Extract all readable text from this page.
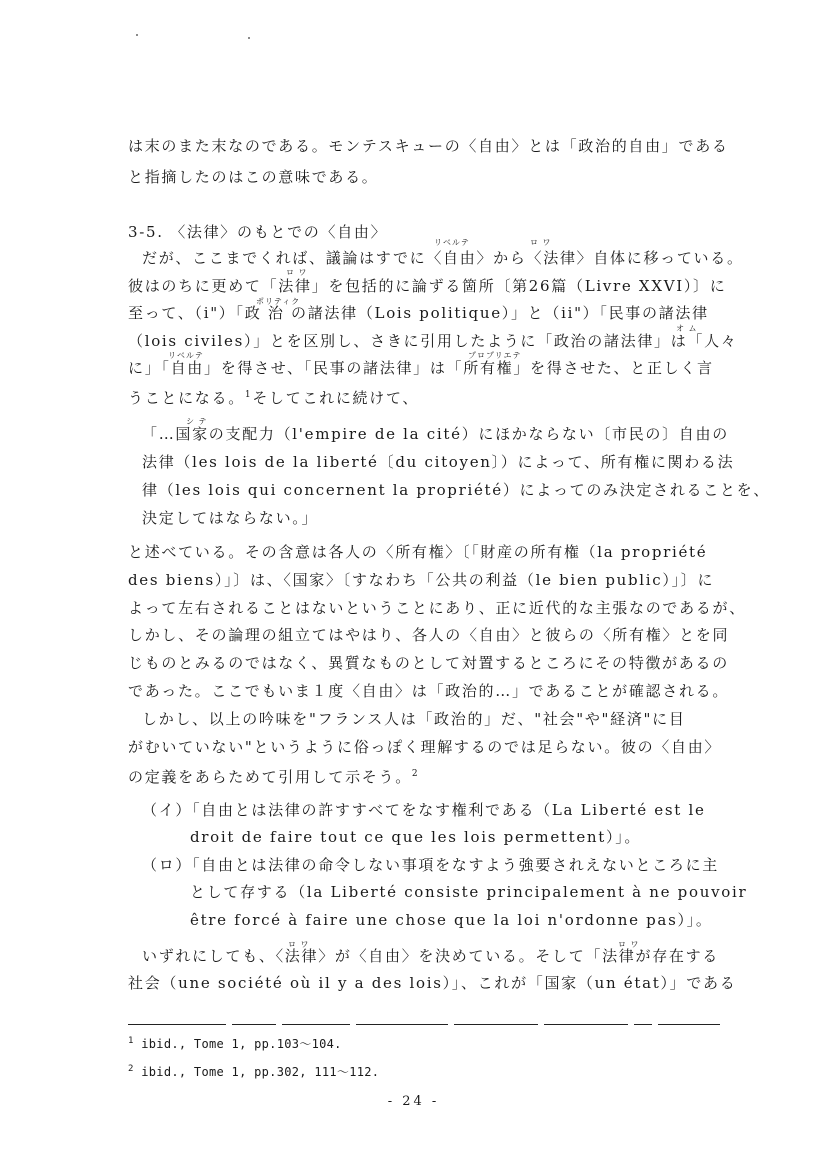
は末のまた末なのである。モンテスキューの〈自由〉とは「政治的自由」である
と指摘したのはこの意味である。
3-5. 〈法律〉のもとでの〈自由〉
リベルテ	ロ ワ
だが、ここまでくれば、議論はすでに〈自由〉から〈法律〉自体に移っている。
ロ ワ
彼はのちに更めて「法律」を包括的に論ずる箇所〔第26篇（Livre XXVI）〕に
ポリティク
至って、（i"）「政 治 の諸法律（Lois politique）」と（ii"）「民事の諸法律
オ ム
（lois civiles）」とを区別し、さきに引用したように「政治の諸法律」は「人々
リベルテ	プロプリエテ
に」「自由」を得させ、「民事の諸法律」は「所有権」を得させた、と正しく言
うことになる。$^1$そしてこれに続けて、
シ テ
「…国家の支配力（l'empire de la cité）にほかならない〔市民の〕自由の
法律（les lois de la liberté〔du citoyen〕）によって、所有権に関わる法
律（les lois qui concernent la propriété）によってのみ決定されることを、
決定してはならない。」
と述べている。その含意は各人の〈所有権〉〔「財産の所有権（la propriété
des biens）」〕は、〈国家〉〔すなわち「公共の利益（le bien public）」〕に
よって左右されることはないということにあり、正に近代的な主張なのであるが、
しかし、その論理の組立てはやはり、各人の〈自由〉と彼らの〈所有権〉とを同
じものとみるのではなく、異質なものとして対置するところにその特徴があるの
であった。ここでもいま１度〈自由〉は「政治的…」であることが確認される。
しかし、以上の吟味を"フランス人は「政治的」だ、"社会"や"経済"に目
がむいていない"というように俗っぽく理解するのでは足らない。彼の〈自由〉
の定義をあらためて引用して示そう。$^2$
（イ）「自由とは法律の許すすべてをなす権利である（La Liberté est le
droit de faire tout ce que les lois permettent）」。
（ロ）「自由とは法律の命令しない事項をなすよう強要されえないところに主
として存する（la Liberté consiste principalement à ne pouvoir
être forcé à faire une chose que la loi n'ordonne pas）」。
ロ ワ	ロ ワ
いずれにしても、〈法律〉が〈自由〉を決めている。そして「法律が存在する
社会（une société où il y a des lois）」、これが「国家（un état）」である
$^1$ ibid., Tome 1, pp.103～104.
$^2$ ibid., Tome 1, pp.302, 111～112.
- 24 -
